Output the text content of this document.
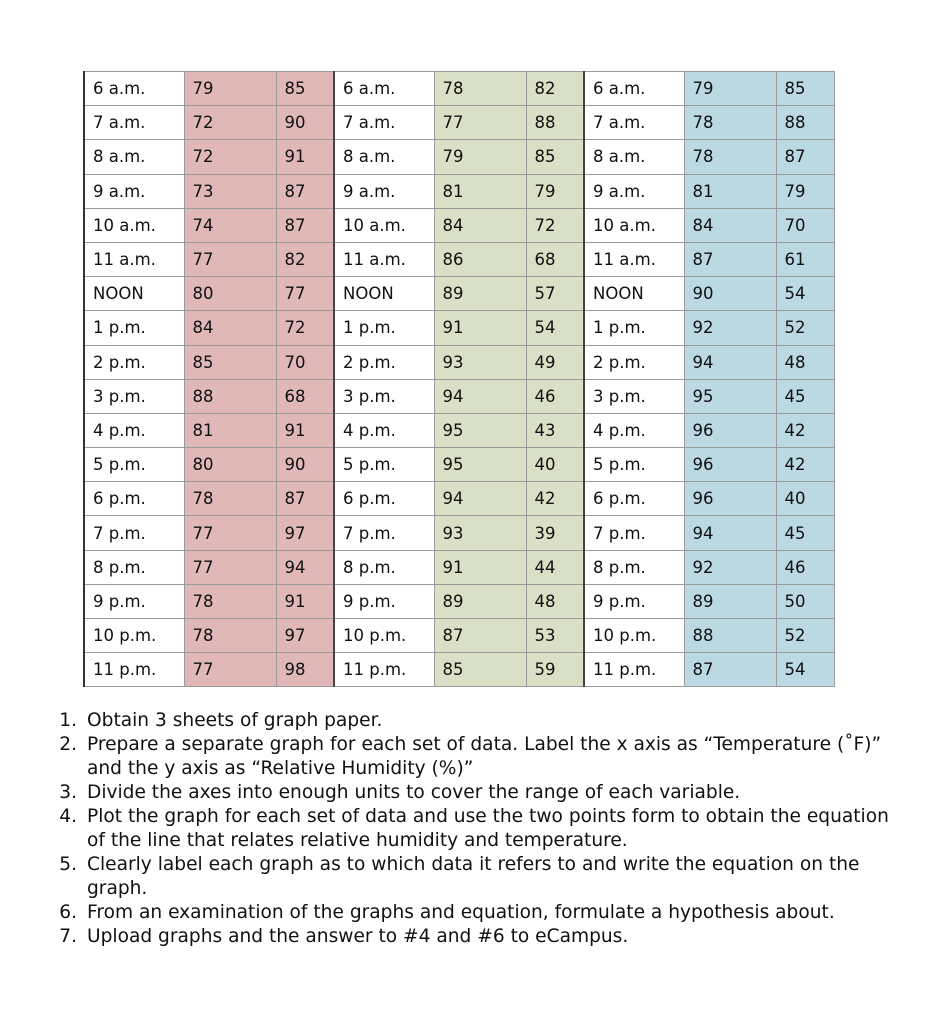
6 a.m.	79	85	6 a.m.	78	82	6 a.m.	79	85
7 a.m.	72	90	7 a.m.	77	88	7 a.m.	78	88
8 a.m.	72	91	8 a.m.	79	85	8 a.m.	78	87
9 a.m.	73	87	9 a.m.	81	79	9 a.m.	81	79
10 a.m.	74	87	10 a.m.	84	72	10 a.m.	84	70
11 a.m.	77	82	11 a.m.	86	68	11 a.m.	87	61
NOON	80	77	NOON	89	57	NOON	90	54
1 p.m.	84	72	1 p.m.	91	54	1 p.m.	92	52
2 p.m.	85	70	2 p.m.	93	49	2 p.m.	94	48
3 p.m.	88	68	3 p.m.	94	46	3 p.m.	95	45
4 p.m.	81	91	4 p.m.	95	43	4 p.m.	96	42
5 p.m.	80	90	5 p.m.	95	40	5 p.m.	96	42
6 p.m.	78	87	6 p.m.	94	42	6 p.m.	96	40
7 p.m.	77	97	7 p.m.	93	39	7 p.m.	94	45
8 p.m.	77	94	8 p.m.	91	44	8 p.m.	92	46
9 p.m.	78	91	9 p.m.	89	48	9 p.m.	89	50
10 p.m.	78	97	10 p.m.	87	53	10 p.m.	88	52
11 p.m.	77	98	11 p.m.	85	59	11 p.m.	87	54
1. Obtain 3 sheets of graph paper.
2. Prepare a separate graph for each set of data. Label the x axis as “Temperature (˚F)” and the y axis as “Relative Humidity (%)”
3. Divide the axes into enough units to cover the range of each variable.
4. Plot the graph for each set of data and use the two points form to obtain the equation of the line that relates relative humidity and temperature.
5. Clearly label each graph as to which data it refers to and write the equation on the graph.
6. From an examination of the graphs and equation, formulate a hypothesis about.
7. Upload graphs and the answer to #4 and #6 to eCampus.
